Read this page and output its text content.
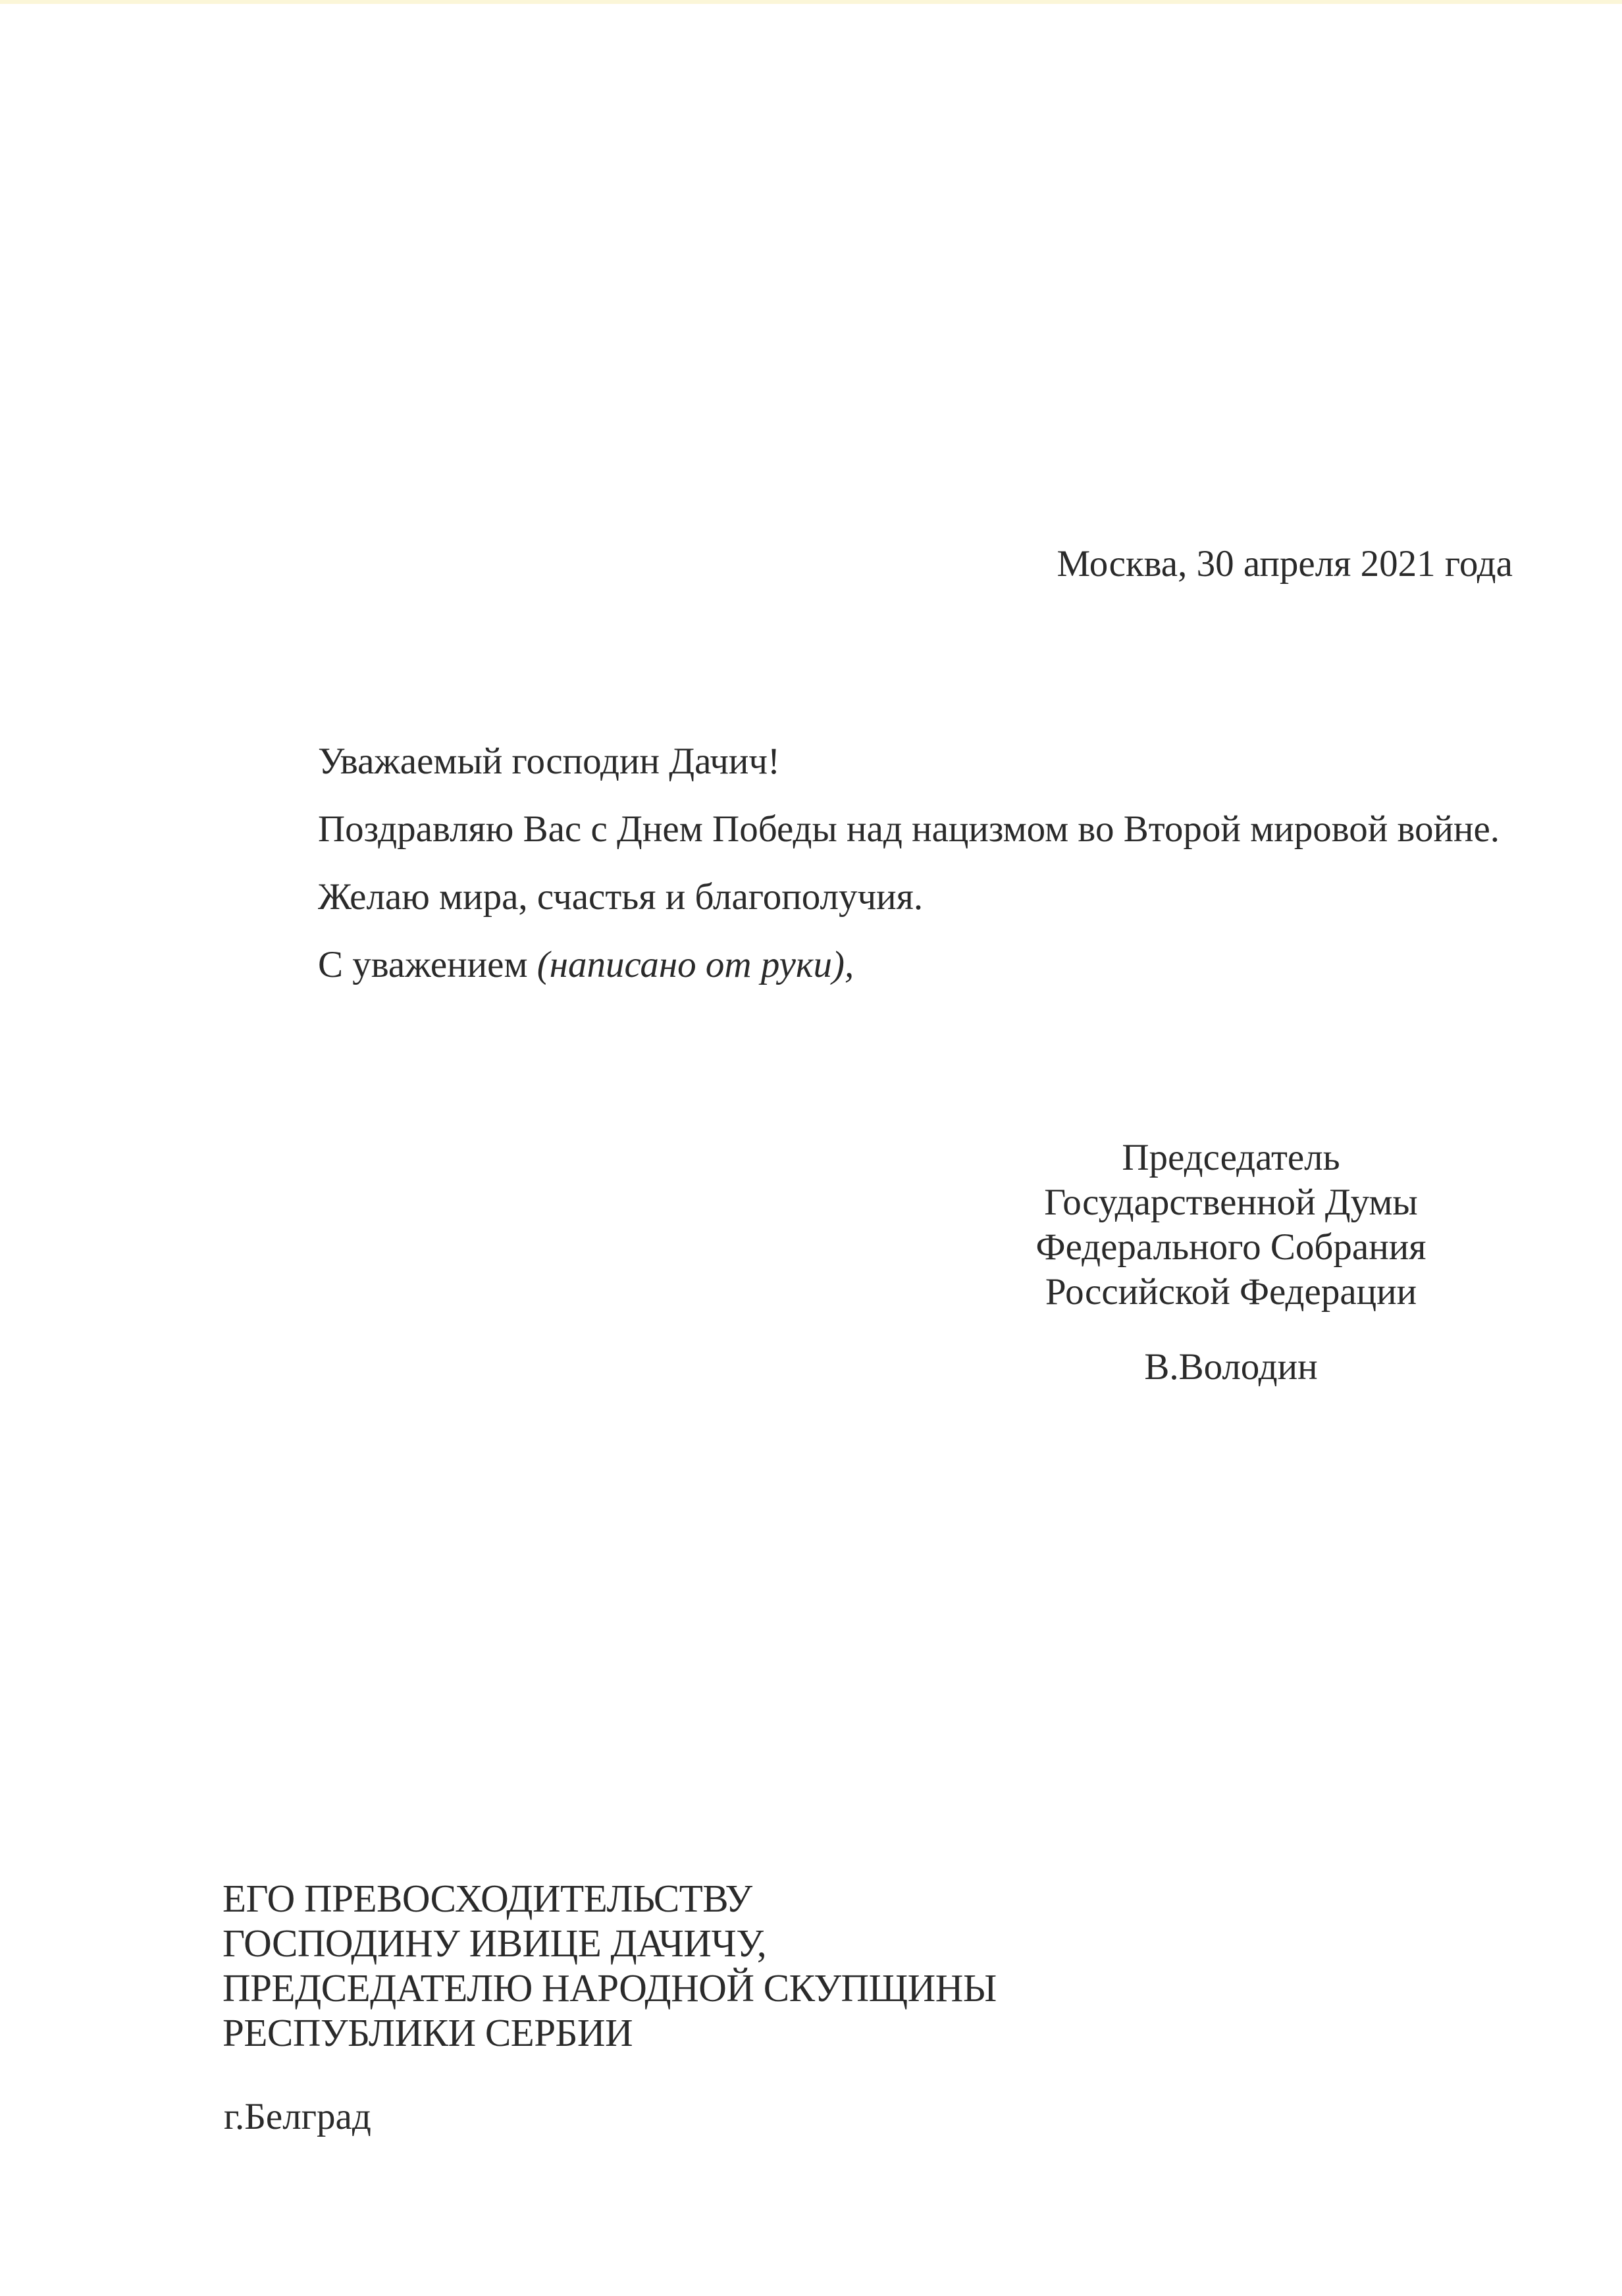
Москва, 30 апреля 2021 года
Уважаемый господин Дачич!
Поздравляю Вас с Днем Победы над нацизмом во Второй мировой войне.
Желаю мира, счастья и благополучия.
С уважением (написано от руки),
Председатель
Государственной Думы
Федерального Собрания
Российской Федерации
В.Володин
ЕГО ПРЕВОСХОДИТЕЛЬСТВУ
ГОСПОДИНУ ИВИЦЕ ДАЧИЧУ,
ПРЕДСЕДАТЕЛЮ НАРОДНОЙ СКУПЩИНЫ
РЕСПУБЛИКИ СЕРБИИ
г.Белград
